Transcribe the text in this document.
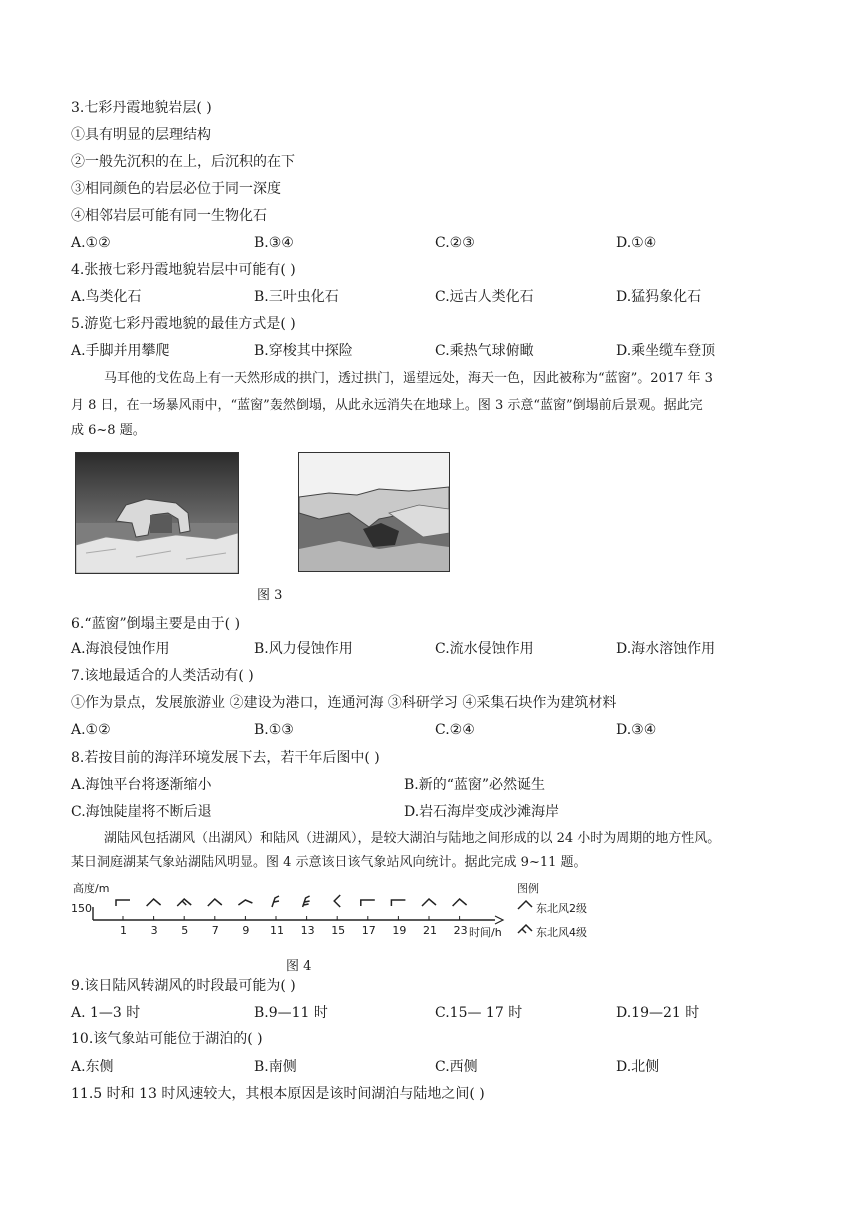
3.七彩丹霞地貌岩层( )
①具有明显的层理结构
②一般先沉积的在上，后沉积的在下
③相同颜色的岩层必位于同一深度
④相邻岩层可能有同一生物化石
A.①②	B.③④	C.②③	D.①④
4.张掖七彩丹霞地貌岩层中可能有( )
A.鸟类化石	B.三叶虫化石	C.远古人类化石	D.猛犸象化石
5.游览七彩丹霞地貌的最佳方式是( )
A.手脚并用攀爬	B.穿梭其中探险	C.乘热气球俯瞰	D.乘坐缆车登顶
马耳他的戈佐岛上有一天然形成的拱门，透过拱门，遥望远处，海天一色，因此被称为“蓝窗”。2017 年 3
月 8 日，在一场暴风雨中，“蓝窗”轰然倒塌，从此永远消失在地球上。图 3 示意“蓝窗”倒塌前后景观。据此完
成 6~8 题。
图 3
6.“蓝窗”倒塌主要是由于( )
A.海浪侵蚀作用	B.风力侵蚀作用	C.流水侵蚀作用	D.海水溶蚀作用
7.该地最适合的人类活动有( )
①作为景点，发展旅游业 ②建设为港口，连通河海 ③科研学习 ④采集石块作为建筑材料
A.①②	B.①③	C.②④	D.③④
8.若按目前的海洋环境发展下去，若干年后图中( )
A.海蚀平台将逐渐缩小	B.新的“蓝窗”必然诞生
C.海蚀陡崖将不断后退	D.岩石海岸变成沙滩海岸
湖陆风包括湖风（出湖风）和陆风（进湖风），是较大湖泊与陆地之间形成的以 24 小时为周期的地方性风。
某日洞庭湖某气象站湖陆风明显。图 4 示意该日该气象站风向统计。据此完成 9~11 题。
高度/m
150
1 3 5 7 9 11 13 15 17 19 21 23 时间/h
图例
东北风2级
东北风4级
图 4
9.该日陆风转湖风的时段最可能为( )
A. 1—3 时	B.9—11 时	C.15— 17 时	D.19—21 时
10.该气象站可能位于湖泊的( )
A.东侧	B.南侧	C.西侧	D.北侧
11.5 时和 13 时风速较大，其根本原因是该时间湖泊与陆地之间( )
